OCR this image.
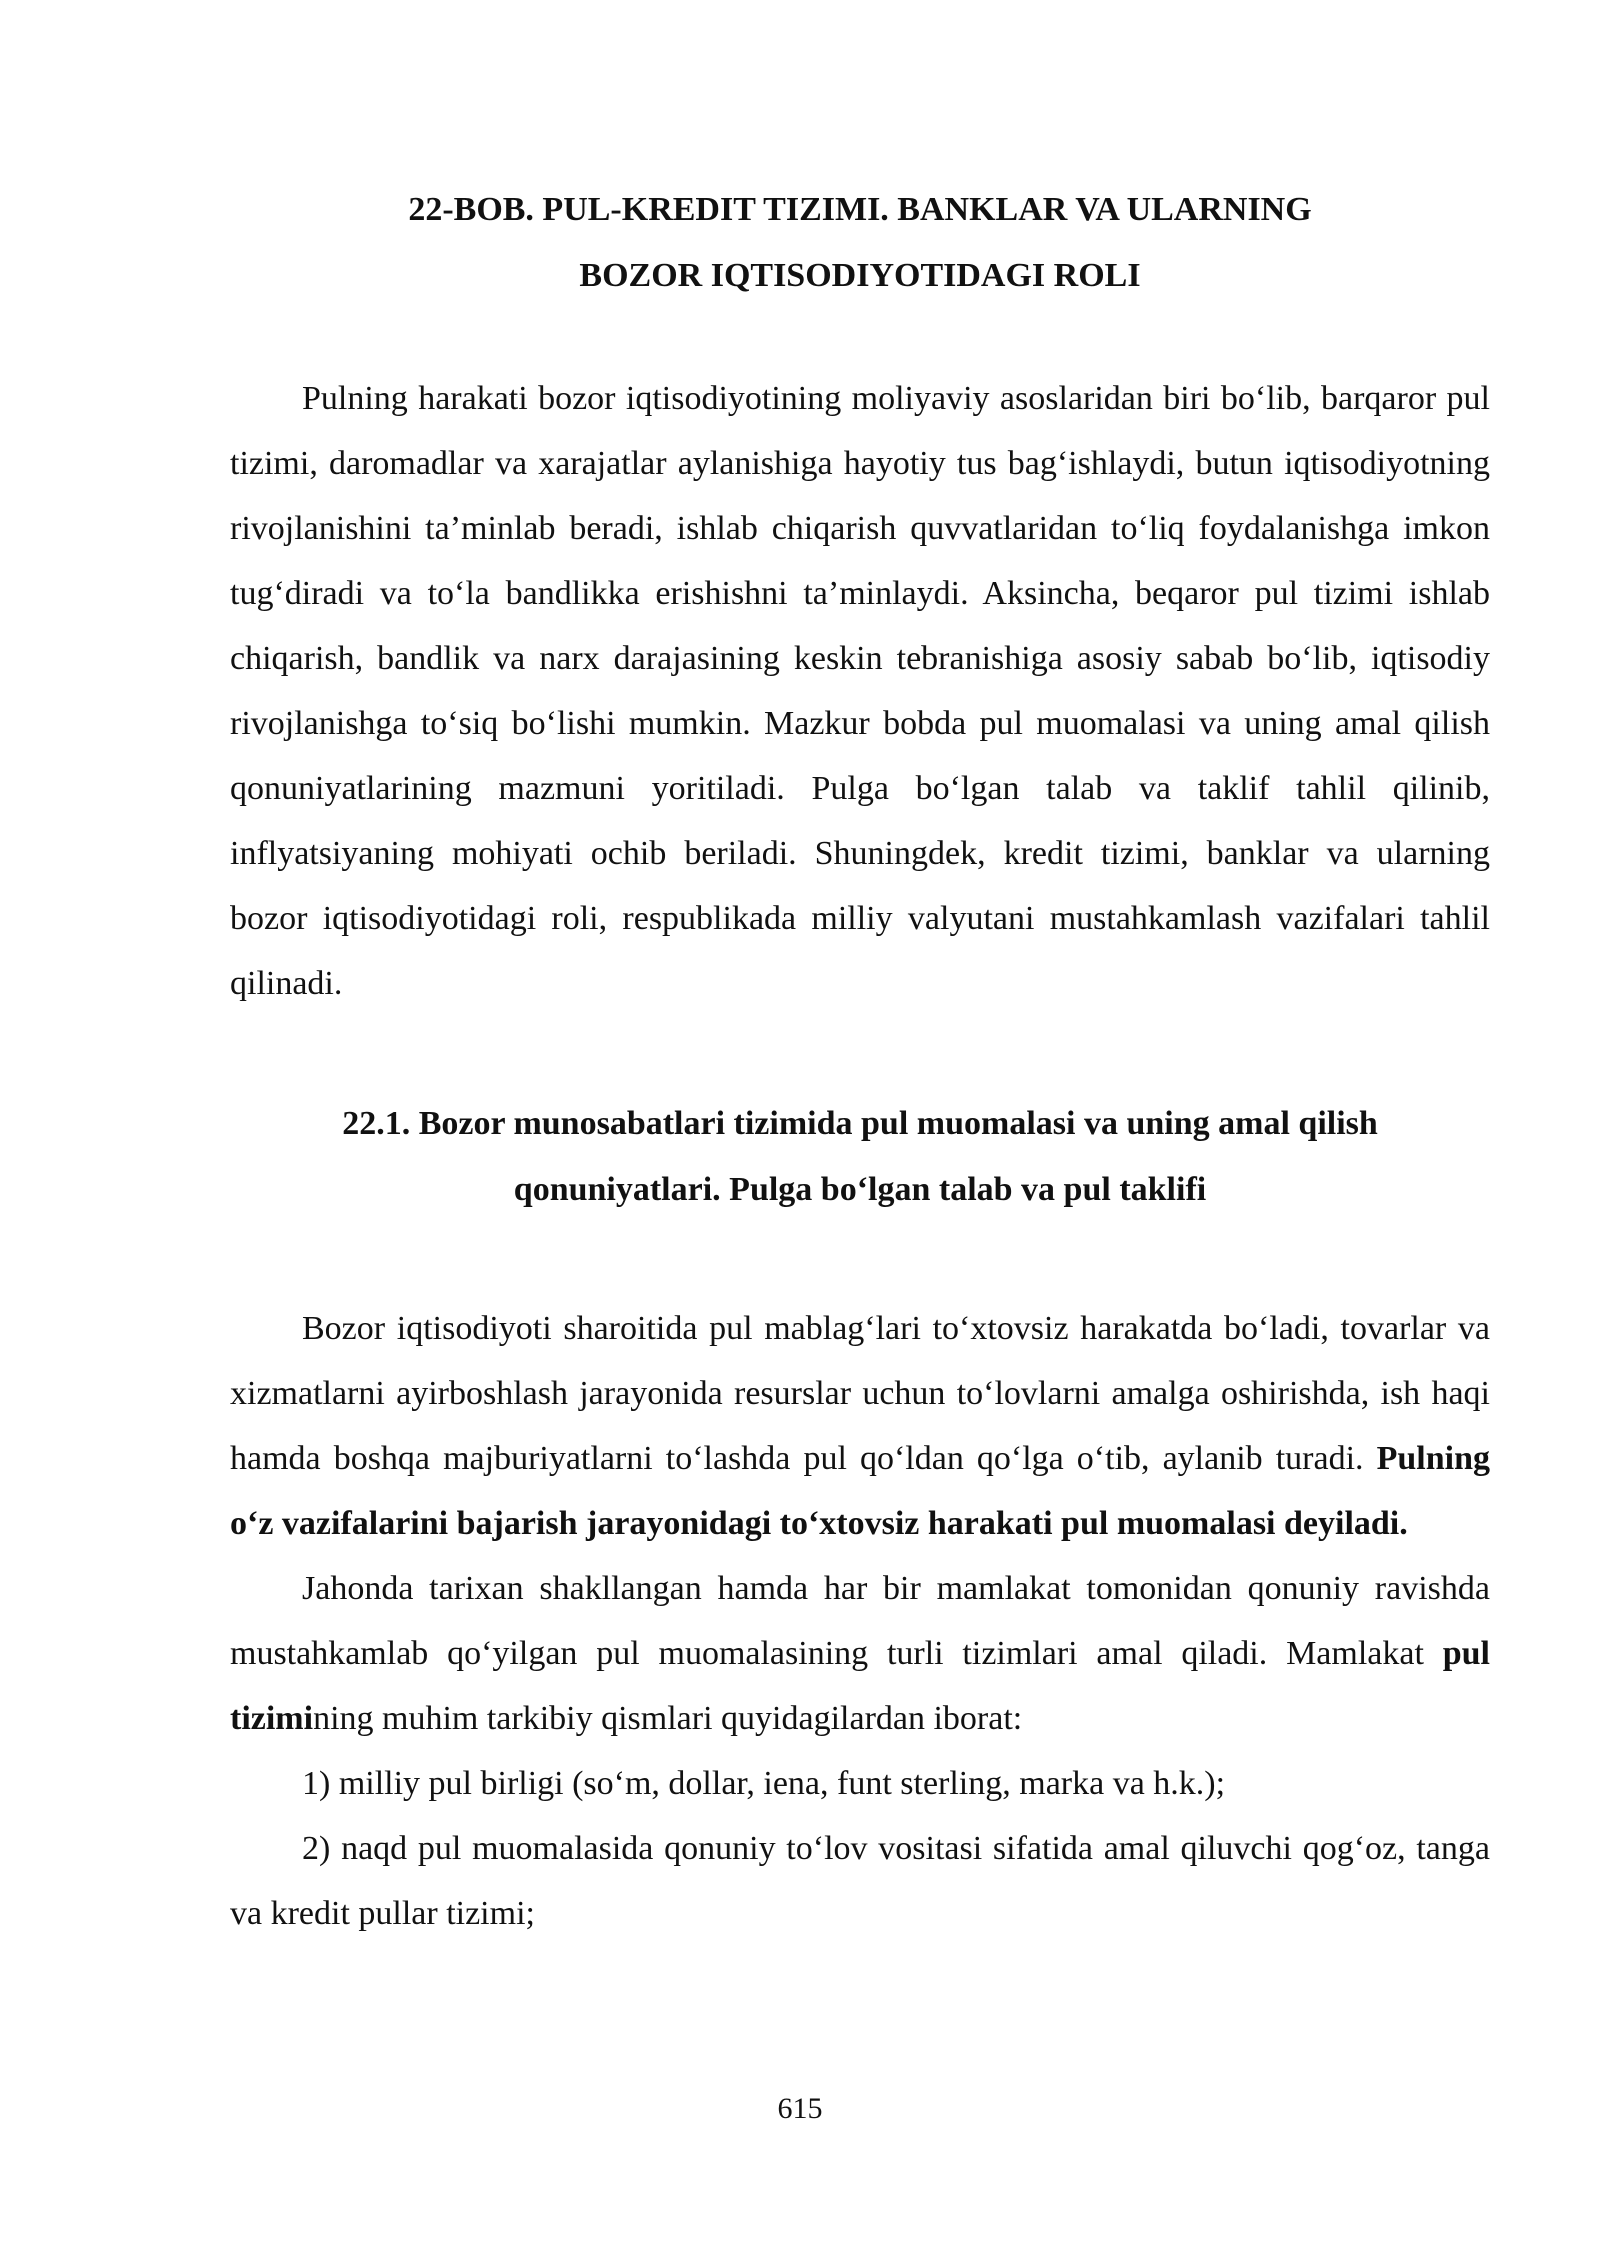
22-BOB. PUL-KREDIT TIZIMI. BANKLAR VA ULARNING
BOZOR IQTISODIYOTIDAGI ROLI

Pulning harakati bozor iqtisodiyotining moliyaviy asoslaridan biri bo‘lib, barqaror pul tizimi, daromadlar va xarajatlar aylanishiga hayotiy tus bag‘ishlaydi, butun iqtisodiyotning rivojlanishini ta’minlab beradi, ishlab chiqarish quvvatlaridan to‘liq foydalanishga imkon tug‘diradi va to‘la bandlikka erishishni ta’minlaydi. Aksincha, beqaror pul tizimi ishlab chiqarish, bandlik va narx darajasining keskin tebranishiga asosiy sabab bo‘lib, iqtisodiy rivojlanishga to‘siq bo‘lishi mumkin. Mazkur bobda pul muomalasi va uning amal qilish qonuniyatlarining mazmuni yoritiladi. Pulga bo‘lgan talab va taklif tahlil qilinib, inflyatsiyaning mohiyati ochib beriladi. Shuningdek, kredit tizimi, banklar va ularning bozor iqtisodiyotidagi roli, respublikada milliy valyutani mustahkamlash vazifalari tahlil qilinadi.

22.1. Bozor munosabatlari tizimida pul muomalasi va uning amal qilish
qonuniyatlari. Pulga bo‘lgan talab va pul taklifi

Bozor iqtisodiyoti sharoitida pul mablag‘lari to‘xtovsiz harakatda bo‘ladi, tovarlar va xizmatlarni ayirboshlash jarayonida resurslar uchun to‘lovlarni amalga oshirishda, ish haqi hamda boshqa majburiyatlarni to‘lashda pul qo‘ldan qo‘lga o‘tib, aylanib turadi. Pulning o‘z vazifalarini bajarish jarayonidagi to‘xtovsiz harakati pul muomalasi deyiladi.

Jahonda tarixan shakllangan hamda har bir mamlakat tomonidan qonuniy ravishda mustahkamlab qo‘yilgan pul muomalasining turli tizimlari amal qiladi. Mamlakat pul tizimining muhim tarkibiy qismlari quyidagilardan iborat:

1) milliy pul birligi (so‘m, dollar, iena, funt sterling, marka va h.k.);

2) naqd pul muomalasida qonuniy to‘lov vositasi sifatida amal qiluvchi qog‘oz, tanga va kredit pullar tizimi;

615
